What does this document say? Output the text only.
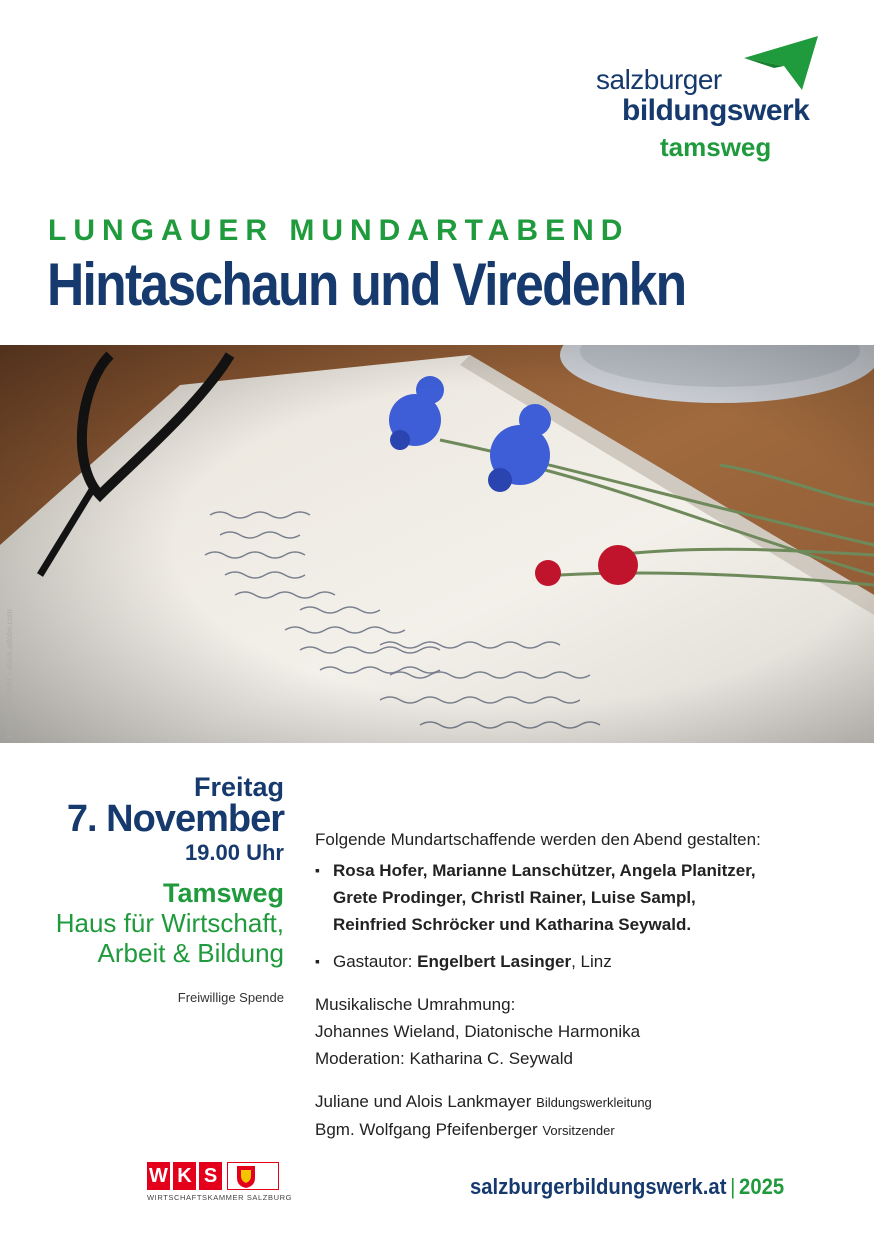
salzburger
bildungswerk
tamsweg
LUNGAUER MUNDARTABEND
Hintaschaun und Viredenkn
© Andreas Gruhl – stock.adobe.com
Freitag
7. November
19.00 Uhr
Tamsweg
Haus für Wirtschaft,
Arbeit & Bildung
Freiwillige Spende
Folgende Mundartschaffende werden den Abend gestalten:
▪ Rosa Hofer, Marianne Lanschützer, Angela Planitzer,
Grete Prodinger, Christl Rainer, Luise Sampl,
Reinfried Schröcker und Katharina Seywald.
▪ Gastautor: Engelbert Lasinger, Linz
Musikalische Umrahmung:
Johannes Wieland, Diatonische Harmonika
Moderation: Katharina C. Seywald
Juliane und Alois Lankmayer Bildungswerkleitung
Bgm. Wolfgang Pfeifenberger Vorsitzender
W K S
WIRTSCHAFTSKAMMER SALZBURG	salzburgerbildungswerk.at | 2025
